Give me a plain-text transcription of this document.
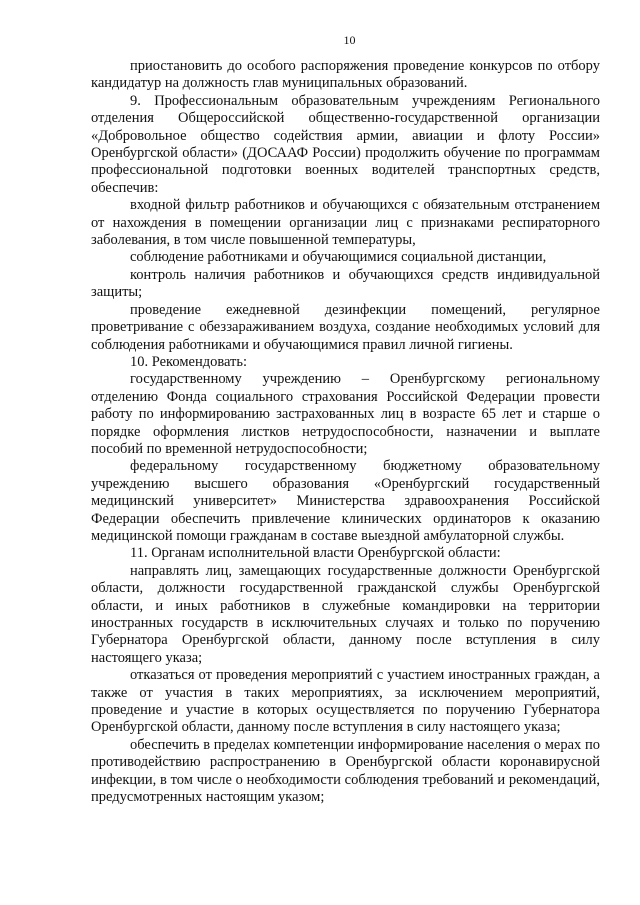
10

приостановить до особого распоряжения проведение конкурсов по отбору кандидатур на должность глав муниципальных образований.

9. Профессиональным образовательным учреждениям Регионального отделения Общероссийской общественно-государственной организации «Добровольное общество содействия армии, авиации и флоту России» Оренбургской области» (ДОСААФ России) продолжить обучение по программам профессиональной подготовки военных водителей транспортных средств, обеспечив:

входной фильтр работников и обучающихся с обязательным отстранением от нахождения в помещении организации лиц с признаками респираторного заболевания, в том числе повышенной температуры,

соблюдение работниками и обучающимися социальной дистанции,

контроль наличия работников и обучающихся средств индивидуальной защиты;

проведение ежедневной дезинфекции помещений, регулярное проветривание с обеззараживанием воздуха, создание необходимых условий для соблюдения работниками и обучающимися правил личной гигиены.

10. Рекомендовать:

государственному учреждению – Оренбургскому региональному отделению Фонда социального страхования Российской Федерации провести работу по информированию застрахованных лиц в возрасте 65 лет и старше о порядке оформления листков нетрудоспособности, назначении и выплате пособий по временной нетрудоспособности;

федеральному государственному бюджетному образовательному учреждению высшего образования «Оренбургский государственный медицинский университет» Министерства здравоохранения Российской Федерации обеспечить привлечение клинических ординаторов к оказанию медицинской помощи гражданам в составе выездной амбулаторной службы.

11. Органам исполнительной власти Оренбургской области:

направлять лиц, замещающих государственные должности Оренбургской области, должности государственной гражданской службы Оренбургской области, и иных работников в служебные командировки на территории иностранных государств в исключительных случаях и только по поручению Губернатора Оренбургской области, данному после вступления в силу настоящего указа;

отказаться от проведения мероприятий с участием иностранных граждан, а также от участия в таких мероприятиях, за исключением мероприятий, проведение и участие в которых осуществляется по поручению Губернатора Оренбургской области, данному после вступления в силу настоящего указа;

обеспечить в пределах компетенции информирование населения о мерах по противодействию распространению в Оренбургской области коронавирусной инфекции, в том числе о необходимости соблюдения требований и рекомендаций, предусмотренных настоящим указом;
